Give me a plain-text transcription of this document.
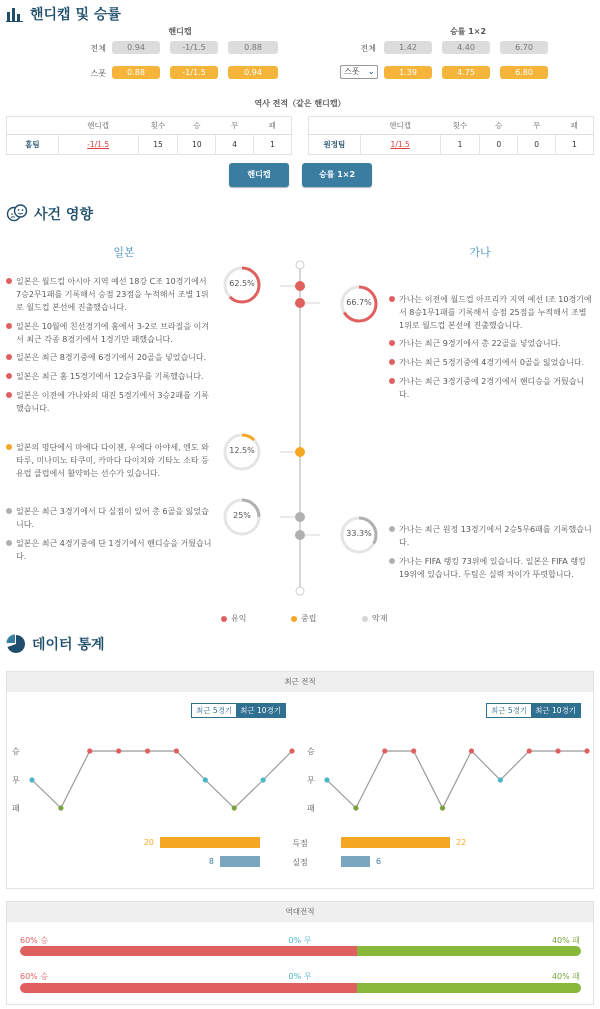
핸디캡 및 승률
핸디캡	승률 1×2
전체	0.94	-1/1.5	0.88
스폿	0.88	-1/1.5	0.94
전체	1.42	4.40	6.70
스폿 ⌄	1.39	4.75	6.80
역사 전적（같은 핸디캡）
	핸디캡	횟수	승	무	패
홈팀	-1/1.5	15	10	4	1
	핸디캡	횟수	승	무	패
원정팀	1/1.5	1	0	0	1
핸디캡	승률 1×2
사건 영향
일본	가나
62.5%
66.7%
12.5%
25%
33.3%
일본은 월드컵 아시아 지역 예선 18강 C조 10경기에서 7승2무1패를 기록해서 승점 23점을 누적해서 조별 1위로 월드컵 본선에 진출했습니다.
일본은 10월에 친선경기에 홈에서 3-2로 브라질을 이겨서 최근 각종 8경기에서 1경기만 패했습니다.
일본은 최근 8경기중에 6경기에서 20골을 넣었습니다.
일본은 최근 홈 15경기에서 12승3무를 기록했습니다.
일본은 이전에 가나와의 대진 5경기에서 3승2패를 기록했습니다.
일본의 명단에서 마에다 다이젠, 우에다 아야세, 엔도 와타루, 미나미노 타쿠미, 카마다 다이치와 기타노 소타 등 유럽 클럽에서 활약하는 선수가 있습니다.
일본은 최근 3경기에서 다 실점이 있어 총 6골을 잃었습니다.
일본은 최근 4경기중에 단 1경기에서 핸디승을 거뒀습니다.
가나는 이전에 월드컵 아프리카 지역 예선 I조 10경기에서 8승1무1패를 기록해서 승점 25점을 누적해서 조별 1위로 월드컵 본선에 진출했습니다.
가나는 최근 9경기에서 총 22골을 넣었습니다.
가나는 최근 5경기중에 4경기에서 0골을 잃었습니다.
가나는 최근 3경기중에 2경기에서 핸디승을 거뒀습니다.
가나는 최근 원정 13경기에서 2승5무6패를 기록했습니다.
가나는 FIFA 랭킹 73위에 있습니다. 일본은 FIFA 랭킹 19위에 있습니다. 두팀은 실력 차이가 뚜렷합니다.
유익	중립	악재
데이터 통계
최근 전적
최근 5경기	최근 10경기	최근 5경기	최근 10경기
승
무
패
승
무
패
20	득점	22
8	실점	6
역대전적
60% 승	0% 무	40% 패
60% 승	0% 무	40% 패
